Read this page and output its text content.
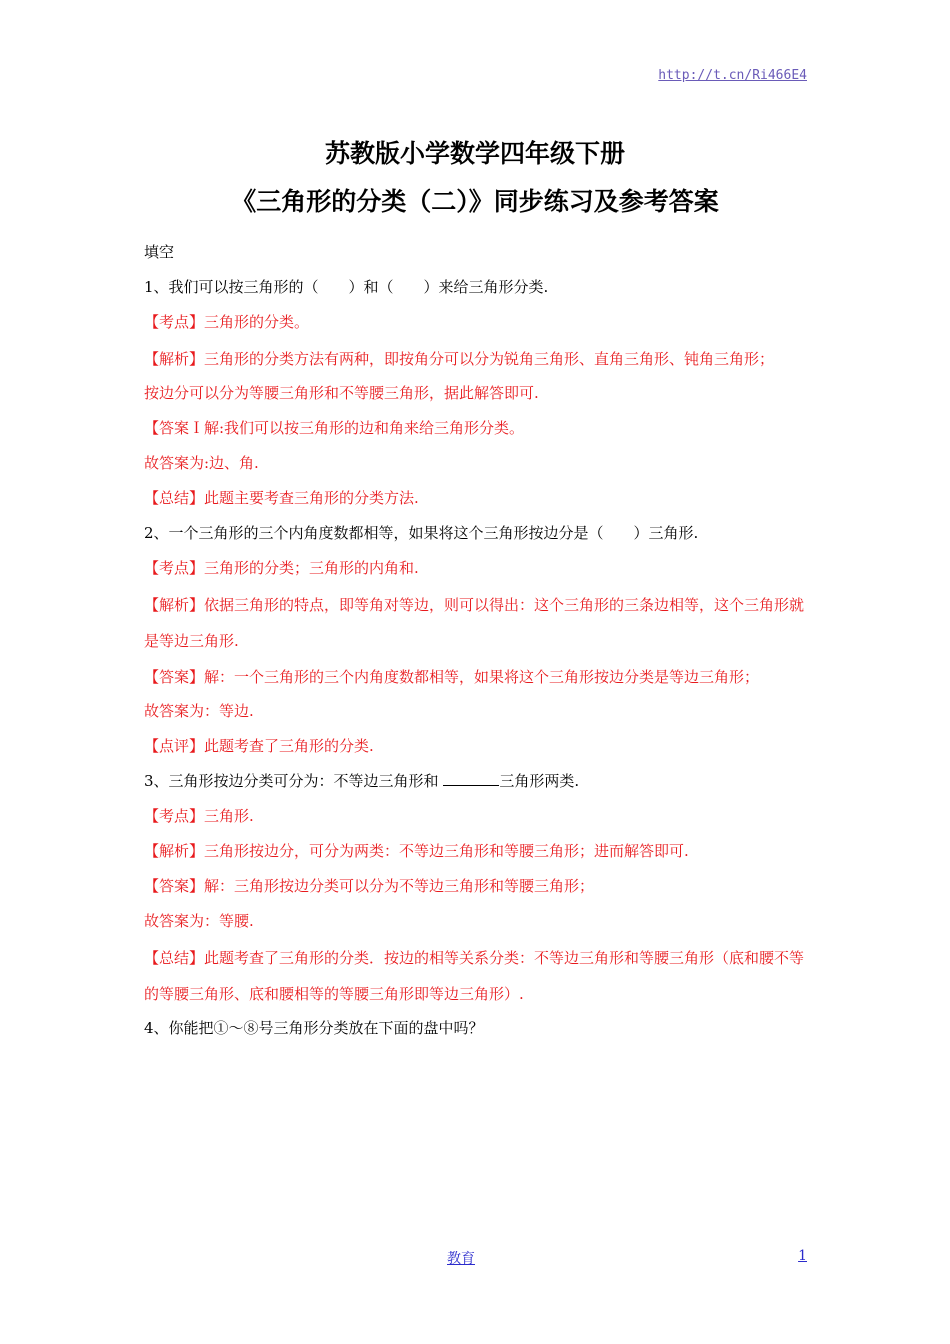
http://t.cn/Ri466E4
苏教版小学数学四年级下册
《三角形的分类（二）》同步练习及参考答案
填空
1、我们可以按三角形的（　　）和（　　）来给三角形分类.
【考点】三角形的分类。
【解析】三角形的分类方法有两种，即按角分可以分为锐角三角形、直角三角形、钝角三角形；
按边分可以分为等腰三角形和不等腰三角形，据此解答即可.
【答案Ｉ解:我们可以按三角形的边和角来给三角形分类。
故答案为:边、角.
【总结】此题主要考查三角形的分类方法.
2、一个三角形的三个内角度数都相等，如果将这个三角形按边分是（　　）三角形.
【考点】三角形的分类；三角形的内角和.
【解析】依据三角形的特点，即等角对等边，则可以得出：这个三角形的三条边相等，这个三角形就是等边三角形.
【答案】解：一个三角形的三个内角度数都相等，如果将这个三角形按边分类是等边三角形；
故答案为：等边.
【点评】此题考查了三角形的分类.
3、三角形按边分类可分为：不等边三角形和	三角形两类.
【考点】三角形.
【解析】三角形按边分，可分为两类：不等边三角形和等腰三角形；进而解答即可.
【答案】解：三角形按边分类可以分为不等边三角形和等腰三角形；
故答案为：等腰.
【总结】此题考查了三角形的分类．按边的相等关系分类：不等边三角形和等腰三角形（底和腰不等的等腰三角形、底和腰相等的等腰三角形即等边三角形）.
4、你能把①～⑧号三角形分类放在下面的盘中吗？
教育	1
